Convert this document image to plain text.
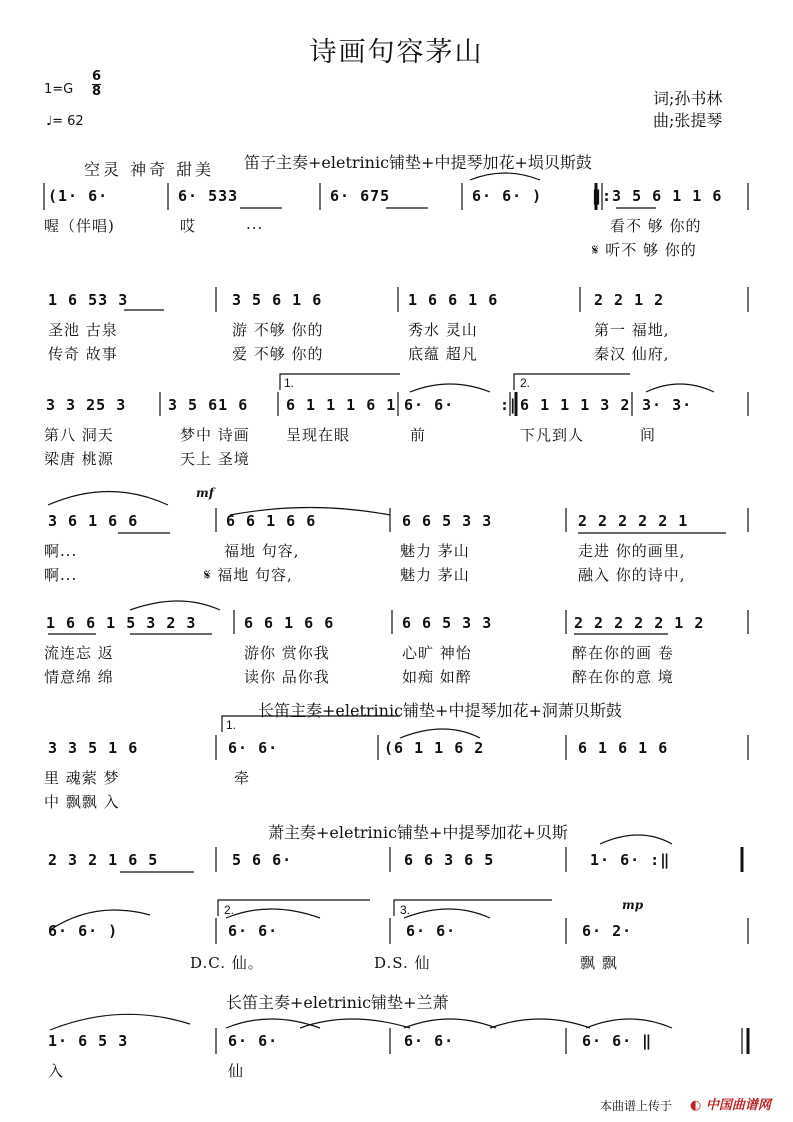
诗画句容茅山
1=G
6
8
♩= 62
词;孙书林
曲;张提琴
空灵 神奇 甜美 笛子主奏+eletrinic铺垫+中提琴加花+埙贝斯鼓
长笛主奏+eletrinic铺垫+中提琴加花+洞萧贝斯鼓
萧主奏+eletrinic铺垫+中提琴加花+贝斯
长笛主奏+eletrinic铺垫+兰萧
(1· 6·	6· 533	6· 675	6· 6· )	‖:3 5 6 1 1 6
喔（伴唱)	哎	...	看不 够 你的
𝄋 听不 够 你的
1 6 53 3	3 5 6 1 6	1 6 6 1 6	2 2 1 2
圣池 古泉	游 不够 你的	秀水 灵山	第一 福地,
传奇 故事	爱 不够 你的	底蕴 超凡	秦汉 仙府,
1.	2.
3 3 25 3	3 5 61 6	6 1 1 1 6 1 6· 6·	:‖6 1 1 1 3 2 3· 3·
第八 洞天	梦中 诗画 呈现在眼	前	下凡到人	间
梁唐 桃源	天上 圣境
mf
3 6 1 6 6	6 6 1 6 6	6 6 5 3 3	2 2 2 2 2 1
啊...	福地 句容,	魅力 茅山	走进 你的画里,
啊...	𝄋 福地 句容,	魅力 茅山	融入 你的诗中,
1 6 6 1 5 3 2 3	6 6 1 6 6	6 6 5 3 3	2 2 2 2 2 1 2
流连忘 返	游你 赏你我	心旷 神怡	醉在你的画 卷
情意绵 绵	读你 品你我	如痴 如醉	醉在你的意 境
1.
3 3 5 1 6	6· 6·	(6 1 1 6 2	6 1 6 1 6
里 魂萦 梦	牵
中 飘飘 入
2 3 2 1 6 5	5 6 6·	6 6 3 6 5	1· 6· :‖
2.	3.	mp
6· 6· )	6· 6·	6· 6·	6· 2·
D.C. 仙。	D.S. 仙	飘 飘
1· 6 5 3	6· 6·	6· 6·	6· 6· ‖
入	仙
本曲谱上传于 ◐ 中国曲谱网
